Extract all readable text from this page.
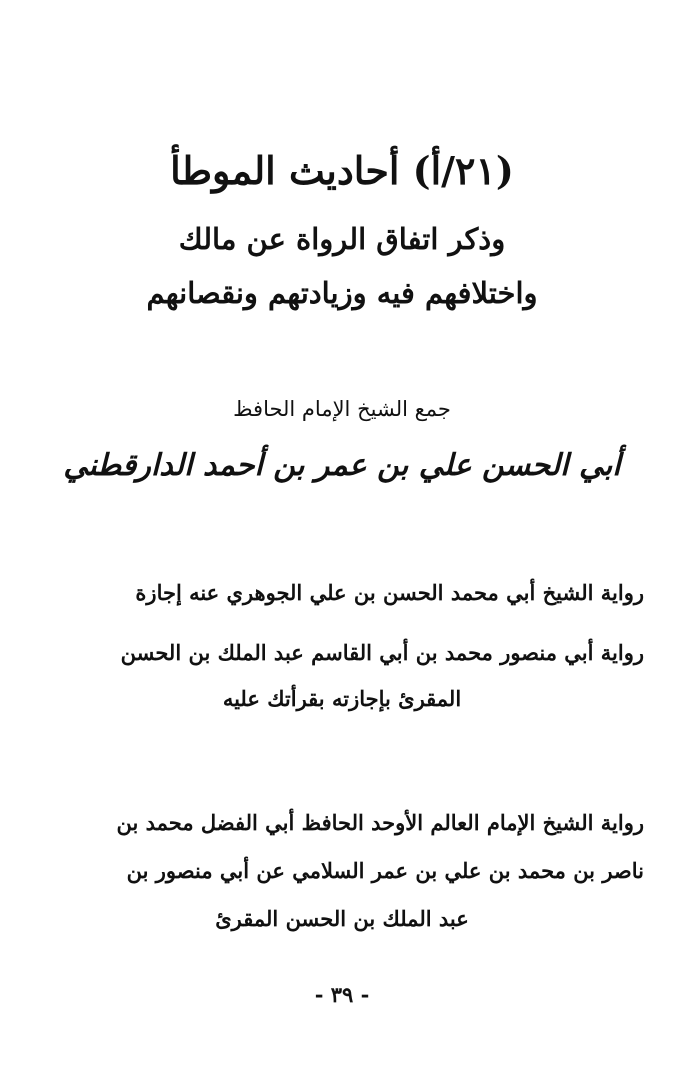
(٢١/أ) أحاديث الموطأ
وذكر اتفاق الرواة عن مالك
واختلافهم فيه وزيادتهم ونقصانهم
جمع الشيخ الإمام الحافظ
أبي الحسن علي بن عمر بن أحمد الدارقطني
رواية الشيخ أبي محمد الحسن بن علي الجوهري عنه إجازة
رواية أبي منصور محمد بن أبي القاسم عبد الملك بن الحسن
المقرئ بإجازته بقرأتك عليه
رواية الشيخ الإمام العالم الأوحد الحافظ أبي الفضل محمد بن
ناصر بن محمد بن علي بن عمر السلامي عن أبي منصور بن
عبد الملك بن الحسن المقرئ
- ٣٩ -
